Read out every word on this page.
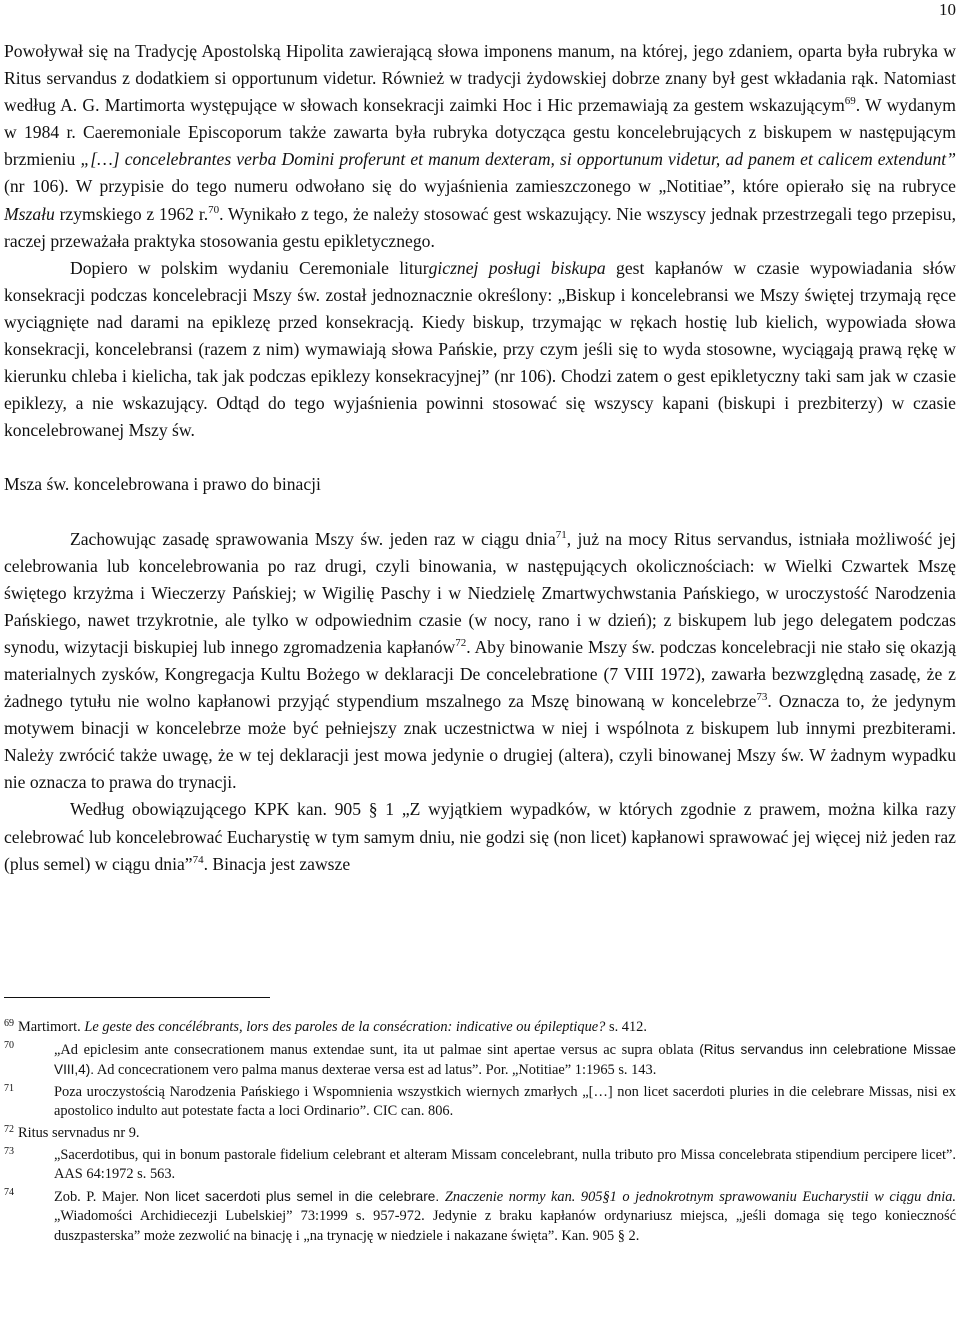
10

Powoływał się na Tradycję Apostolską Hipolita zawierającą słowa imponens manum, na której, jego zdaniem, oparta była rubryka w Ritus servandus z dodatkiem si opportunum videtur. Również w tradycji żydowskiej dobrze znany był gest wkładania rąk. Natomiast według A. G. Martimorta występujące w słowach konsekracji zaimki Hoc i Hic przemawiają za gestem wskazującym$^{69}$. W wydanym w 1984 r. Caeremoniale Episcoporum także zawarta była rubryka dotycząca gestu koncelebrujących z biskupem w następującym brzmieniu „[…] concelebrantes verba Domini proferunt et manum dexteram, si opportunum videtur, ad panem et calicem extendunt” (nr 106). W przypisie do tego numeru odwołano się do wyjaśnienia zamieszczonego w „Notitiae”, które opierało się na rubryce Mszału rzymskiego z 1962 r.$^{70}$. Wynikało z tego, że należy stosować gest wskazujący. Nie wszyscy jednak przestrzegali tego przepisu, raczej przeważała praktyka stosowania gestu epikletycznego.

Dopiero w polskim wydaniu Ceremoniale liturgicznej posługi biskupa gest kapłanów w czasie wypowiadania słów konsekracji podczas koncelebracji Mszy św. został jednoznacznie określony: „Biskup i koncelebransi we Mszy świętej trzymają ręce wyciągnięte nad darami na epiklezę przed konsekracją. Kiedy biskup, trzymając w rękach hostię lub kielich, wypowiada słowa konsekracji, koncelebransi (razem z nim) wymawiają słowa Pańskie, przy czym jeśli się to wyda stosowne, wyciągają prawą rękę w kierunku chleba i kielicha, tak jak podczas epiklezy konsekracyjnej” (nr 106). Chodzi zatem o gest epikletyczny taki sam jak w czasie epiklezy, a nie wskazujący. Odtąd do tego wyjaśnienia powinni stosować się wszyscy kapani (biskupi i prezbiterzy) w czasie koncelebrowanej Mszy św.

Msza św. koncelebrowana i prawo do binacji

Zachowując zasadę sprawowania Mszy św. jeden raz w ciągu dnia$^{71}$, już na mocy Ritus servandus, istniała możliwość jej celebrowania lub koncelebrowania po raz drugi, czyli binowania, w następujących okolicznościach: w Wielki Czwartek Mszę świętego krzyżma i Wieczerzy Pańskiej; w Wigilię Paschy i w Niedzielę Zmartwychwstania Pańskiego, w uroczystość Narodzenia Pańskiego, nawet trzykrotnie, ale tylko w odpowiednim czasie (w nocy, rano i w dzień); z biskupem lub jego delegatem podczas synodu, wizytacji biskupiej lub innego zgromadzenia kapłanów$^{72}$. Aby binowanie Mszy św. podczas koncelebracji nie stało się okazją materialnych zysków, Kongregacja Kultu Bożego w deklaracji De concelebratione (7 VIII 1972), zawarła bezwzględną zasadę, że z żadnego tytułu nie wolno kapłanowi przyjąć stypendium mszalnego za Mszę binowaną w koncelebrze$^{73}$. Oznacza to, że jedynym motywem binacji w koncelebrze może być pełniejszy znak uczestnictwa w niej i wspólnota z biskupem lub innymi prezbiterami. Należy zwrócić także uwagę, że w tej deklaracji jest mowa jedynie o drugiej (altera), czyli binowanej Mszy św. W żadnym wypadku nie oznacza to prawa do trynacji.

Według obowiązującego KPK kan. 905 § 1 „Z wyjątkiem wypadków, w których zgodnie z prawem, można kilka razy celebrować lub koncelebrować Eucharystię w tym samym dniu, nie godzi się (non licet) kapłanowi sprawować jej więcej niż jeden raz (plus semel) w ciągu dnia”$^{74}$. Binacja jest zawsze

69 Martimort. Le geste des concélébrants, lors des paroles de la consécration: indicative ou épileptique? s. 412.
70	„Ad epiclesim ante consecrationem manus extendae sunt, ita ut palmae sint apertae versus ac supra oblata (Ritus servandus inn celebratione Missae VIII,4). Ad concecrationem vero palma manus dexterae versa est ad latus”. Por. „Notitiae” 1:1965 s. 143.
71	Poza uroczystością Narodzenia Pańskiego i Wspomnienia wszystkich wiernych zmarłych „[…] non licet sacerdoti pluries in die celebrare Missas, nisi ex apostolico indulto aut potestate facta a loci Ordinario”. CIC can. 806.
72 Ritus servnadus nr 9.
73	„Sacerdotibus, qui in bonum pastorale fidelium celebrant et alteram Missam concelebrant, nulla tributo pro Missa concelebrata stipendium percipere licet”. AAS 64:1972 s. 563.
74	Zob. P. Majer. Non licet sacerdoti plus semel in die celebrare. Znaczenie normy kan. 905§1 o jednokrotnym sprawowaniu Eucharystii w ciągu dnia. „Wiadomości Archidiecezji Lubelskiej” 73:1999 s. 957-972. Jedynie z braku kapłanów ordynariusz miejsca, „jeśli domaga się tego konieczność duszpasterska” może zezwolić na binację i „na trynację w niedziele i nakazane święta”. Kan. 905 § 2.
